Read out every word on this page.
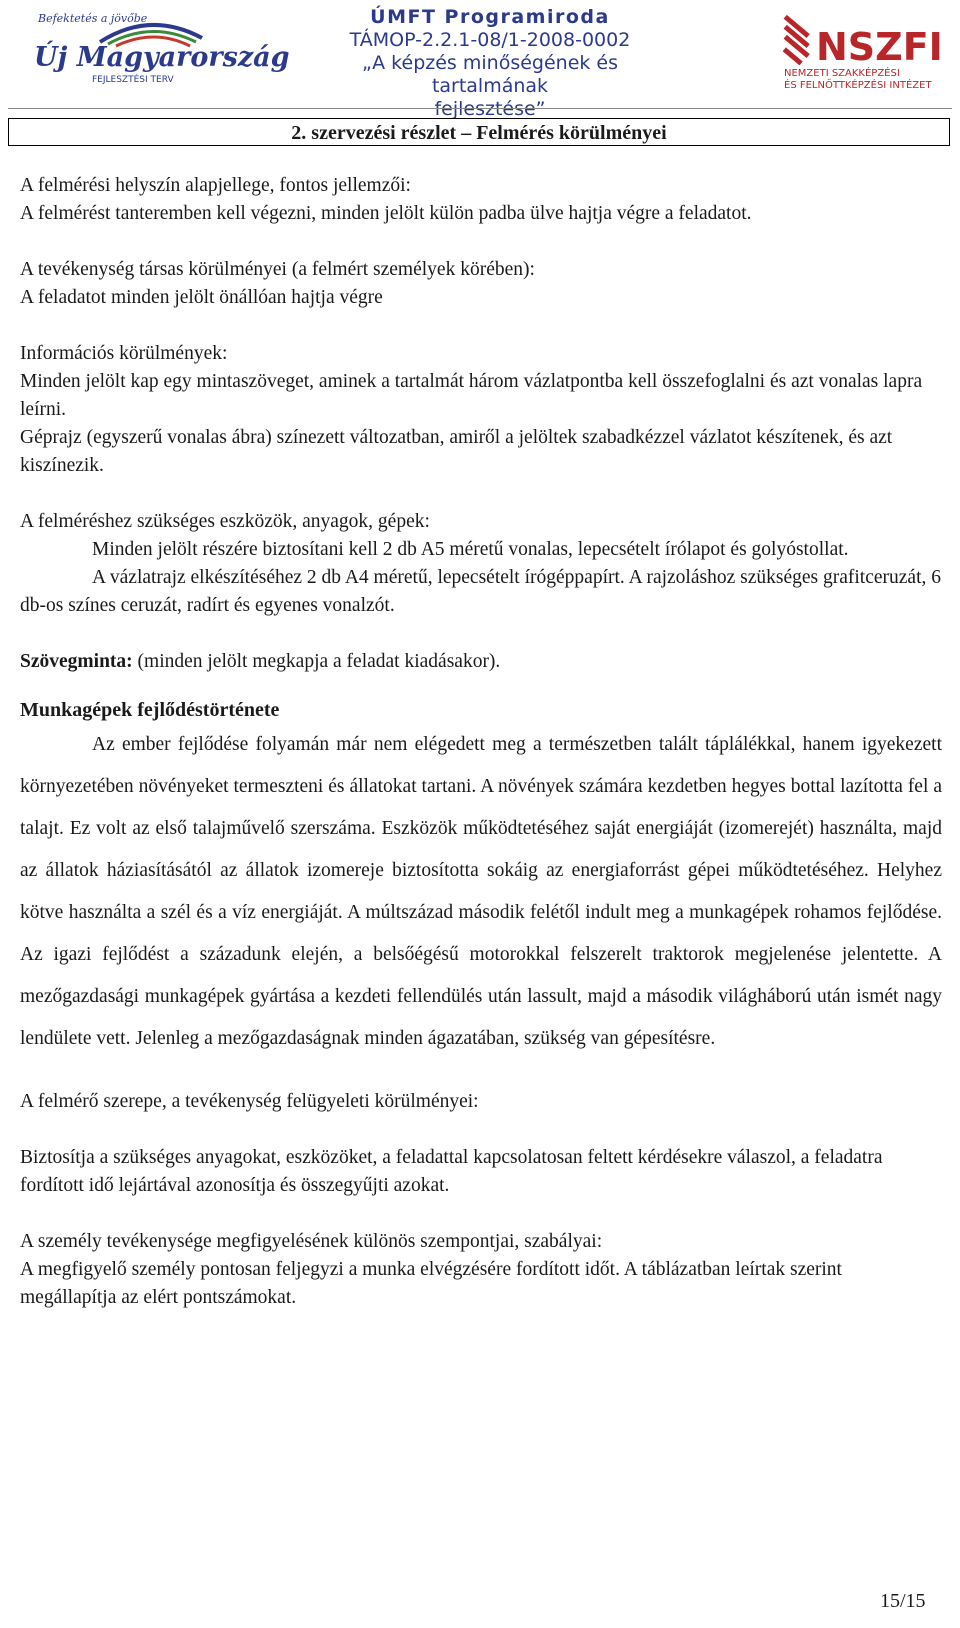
Befektetés a jövőbe
Új Magyarország
FEJLESZTÉSI TERV
ÚMFT Programiroda
TÁMOP-2.2.1-08/1-2008-0002
„A képzés minőségének és tartalmának
fejlesztése”
NSZFI
NEMZETI SZAKKÉPZÉSI
ÉS FELNŐTTKÉPZÉSI INTÉZET
2. szervezési részlet – Felmérés körülményei

A felmérési helyszín alapjellege, fontos jellemzői:

A felmérést tanteremben kell végezni, minden jelölt külön padba ülve hajtja végre a feladatot.

A tevékenység társas körülményei (a felmért személyek körében):

A feladatot minden jelölt önállóan hajtja végre

Információs körülmények:

Minden jelölt kap egy mintaszöveget, aminek a tartalmát három vázlatpontba kell összefoglalni és azt vonalas lapra leírni.

Géprajz (egyszerű vonalas ábra) színezett változatban, amiről a jelöltek szabadkézzel vázlatot készítenek, és azt kiszínezik.

A felméréshez szükséges eszközök, anyagok, gépek:

Minden jelölt részére biztosítani kell 2 db A5 méretű vonalas, lepecsételt írólapot és golyóstollat.

A vázlatrajz elkészítéséhez 2 db A4 méretű, lepecsételt írógéppapírt. A rajzoláshoz szükséges grafitceruzát, 6 db-os színes ceruzát, radírt és egyenes vonalzót.

Szövegminta: (minden jelölt megkapja a feladat kiadásakor).

Munkagépek fejlődéstörténete

Az ember fejlődése folyamán már nem elégedett meg a természetben talált táplálékkal, hanem igyekezett környezetében növényeket termeszteni és állatokat tartani. A növények számára kezdetben hegyes bottal lazította fel a talajt. Ez volt az első talajművelő szerszáma. Eszközök működtetéséhez saját energiáját (izomerejét) használta, majd az állatok háziasításától az állatok izomereje biztosította sokáig az energiaforrást gépei működtetéséhez. Helyhez kötve használta a szél és a víz energiáját. A múltszázad második felétől indult meg a munkagépek rohamos fejlődése. Az igazi fejlődést a századunk elején, a belsőégésű motorokkal felszerelt traktorok megjelenése jelentette. A mezőgazdasági munkagépek gyártása a kezdeti fellendülés után lassult, majd a második világháború után ismét nagy lendülete vett. Jelenleg a mezőgazdaságnak minden ágazatában, szükség van gépesítésre.

A felmérő szerepe, a tevékenység felügyeleti körülményei:

Biztosítja a szükséges anyagokat, eszközöket, a feladattal kapcsolatosan feltett kérdésekre válaszol, a feladatra fordított idő lejártával azonosítja és összegyűjti azokat.

A személy tevékenysége megfigyelésének különös szempontjai, szabályai:

A megfigyelő személy pontosan feljegyzi a munka elvégzésére fordított időt. A táblázatban leírtak szerint megállapítja az elért pontszámokat.

15/15
